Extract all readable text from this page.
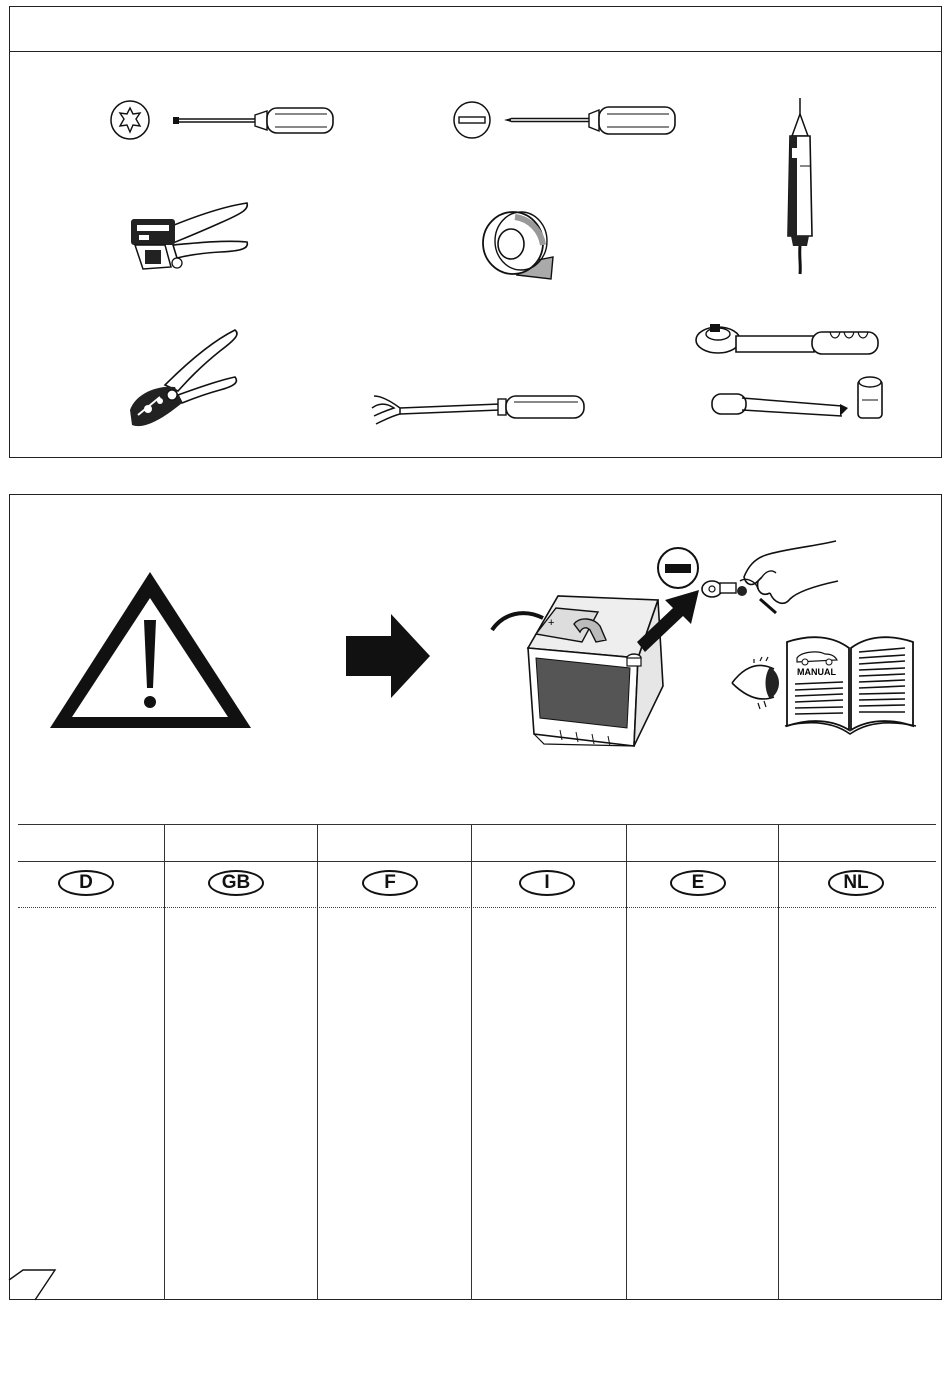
+
MANUAL
D	GB	F	I	E	NL
